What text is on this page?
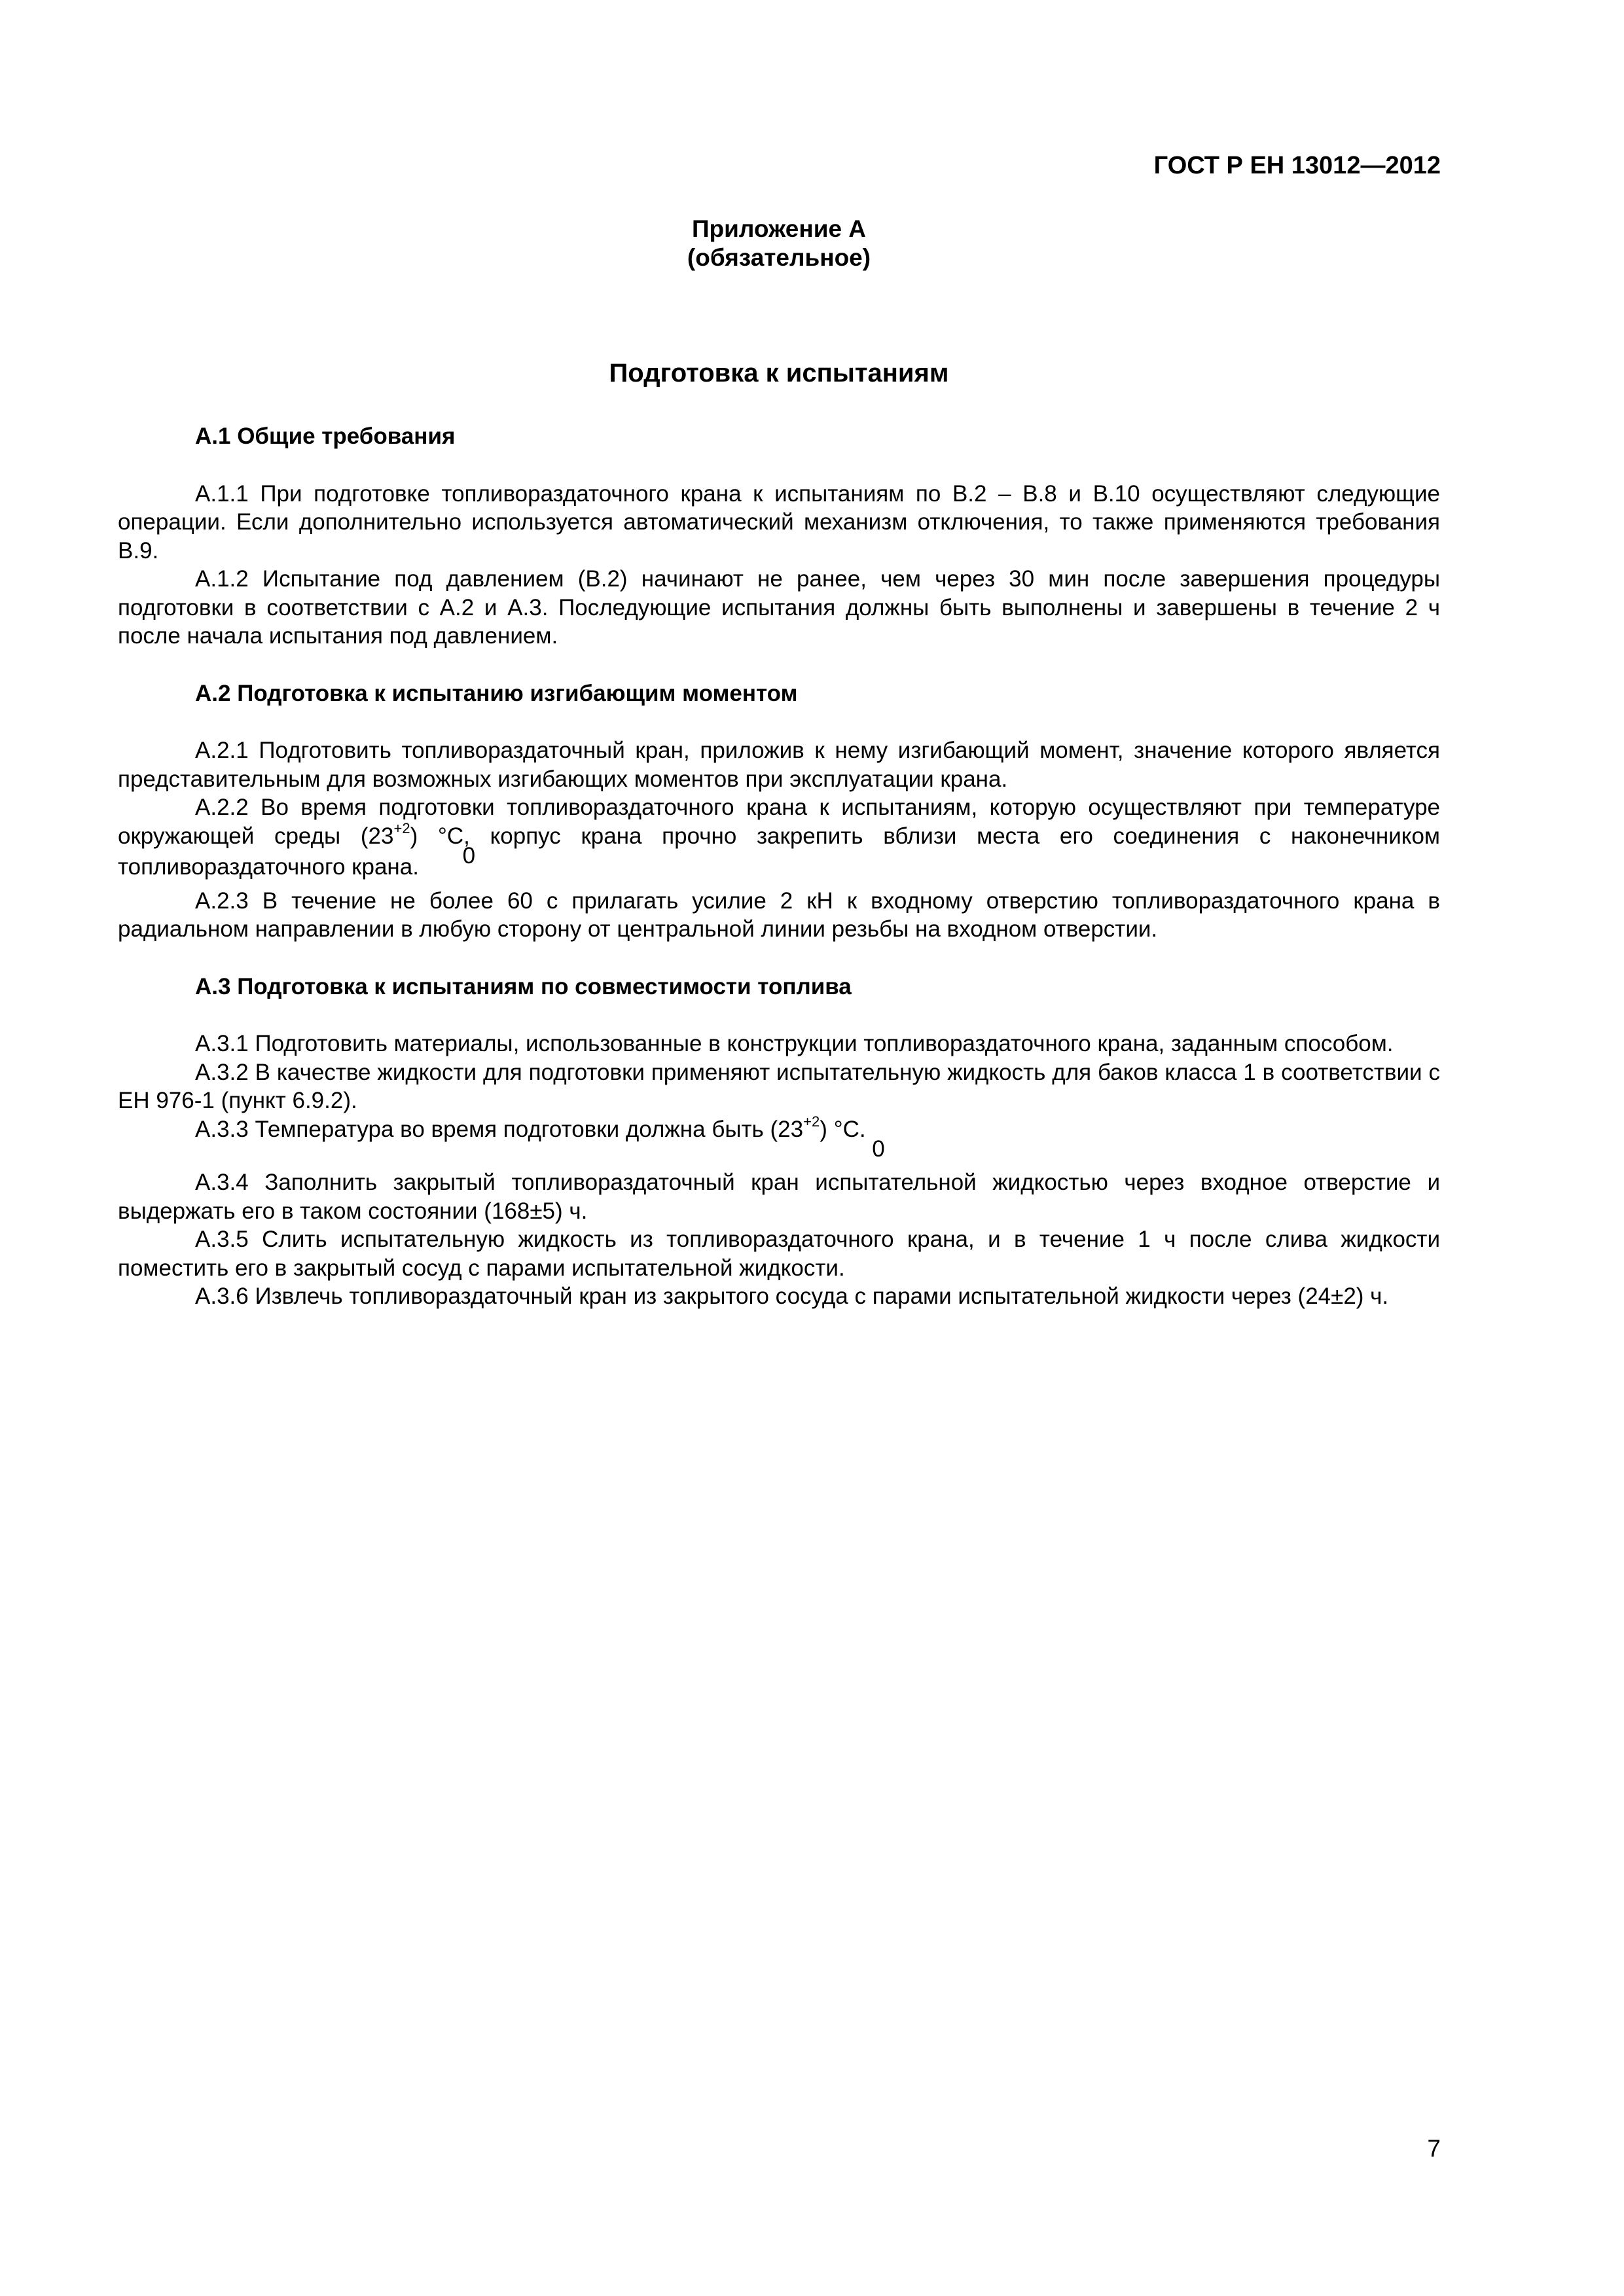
ГОСТ Р ЕН 13012—2012
Приложение А
(обязательное)
Подготовка к испытаниям
А.1 Общие требования

А.1.1 При подготовке топливораздаточного крана к испытаниям по В.2 – В.8 и В.10 осуществляют следующие операции. Если дополнительно используется автоматический механизм отключения, то также применяются требования В.9.

А.1.2 Испытание под давлением (В.2) начинают не ранее, чем через 30 мин после завершения процедуры подготовки в соответствии с А.2 и А.3. Последующие испытания должны быть выполнены и завершены в течение 2 ч после начала испытания под давлением.

А.2 Подготовка к испытанию изгибающим моментом

А.2.1 Подготовить топливораздаточный кран, приложив к нему изгибающий момент, значение которого является представительным для возможных изгибающих моментов при эксплуатации крана.

А.2.2 Во время подготовки топливораздаточного крана к испытаниям, которую осуществляют при температуре окружающей среды $(23^{+2}0)$ °С, корпус крана прочно закрепить вблизи места его соединения с наконечником топливораздаточного крана.

А.2.3 В течение не более 60 с прилагать усилие 2 кН к входному отверстию топливораздаточного крана в радиальном направлении в любую сторону от центральной линии резьбы на входном отверстии.

А.3 Подготовка к испытаниям по совместимости топлива

А.3.1 Подготовить материалы, использованные в конструкции топливораздаточного крана, заданным способом.

А.3.2 В качестве жидкости для подготовки применяют испытательную жидкость для баков класса 1 в соответствии с ЕН 976-1 (пункт 6.9.2).

А.3.3 Температура во время подготовки должна быть $(23^{+2}0)$ °С.

А.3.4 Заполнить закрытый топливораздаточный кран испытательной жидкостью через входное отверстие и выдержать его в таком состоянии (168±5) ч.

А.3.5 Слить испытательную жидкость из топливораздаточного крана, и в течение 1 ч после слива жидкости поместить его в закрытый сосуд с парами испытательной жидкости.

А.3.6 Извлечь топливораздаточный кран из закрытого сосуда с парами испытательной жидкости через (24±2) ч.

7
